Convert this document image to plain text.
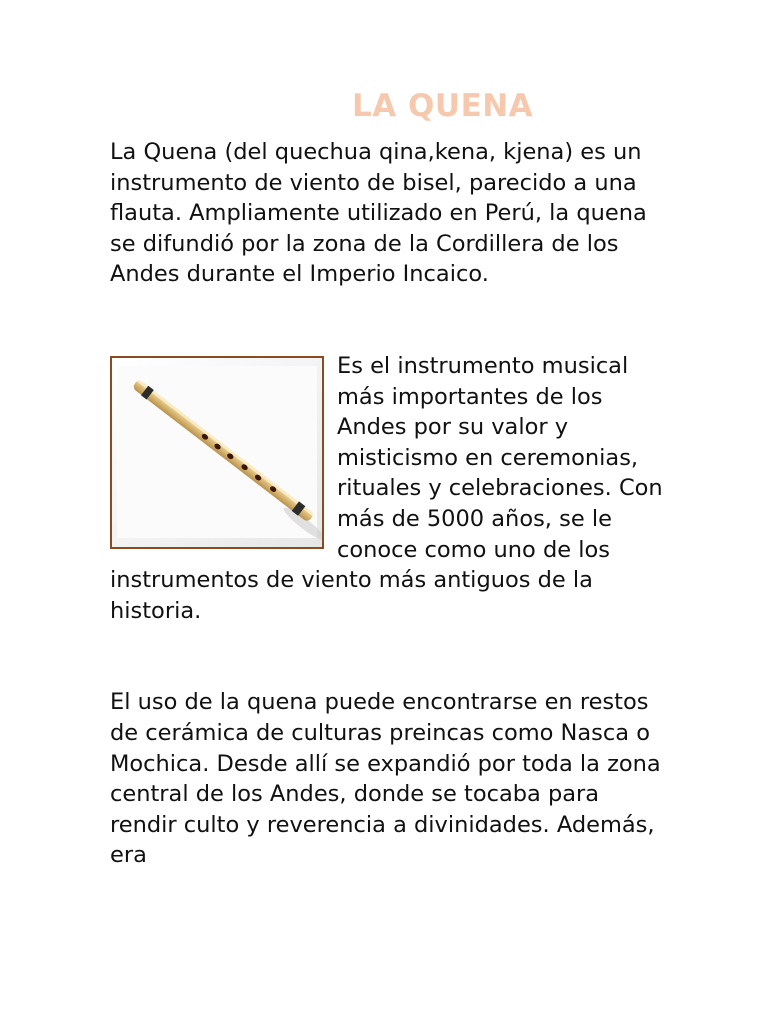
LA QUENA

La Quena (del quechua qina,kena, kjena) es un instrumento de viento de bisel, parecido a una flauta. Ampliamente utilizado en Perú, la quena se difundió por la zona de la Cordillera de los Andes durante el Imperio Incaico.

Es el instrumento musical más importantes de los Andes por su valor y misticismo en ceremonias, rituales y celebraciones. Con más de 5000 años, se le conoce como uno de los instrumentos de viento más antiguos de la historia.

El uso de la quena puede encontrarse en restos de cerámica de culturas preincas como Nasca o Mochica. Desde allí se expandió por toda la zona central de los Andes, donde se tocaba para rendir culto y reverencia a divinidades. Además, era
